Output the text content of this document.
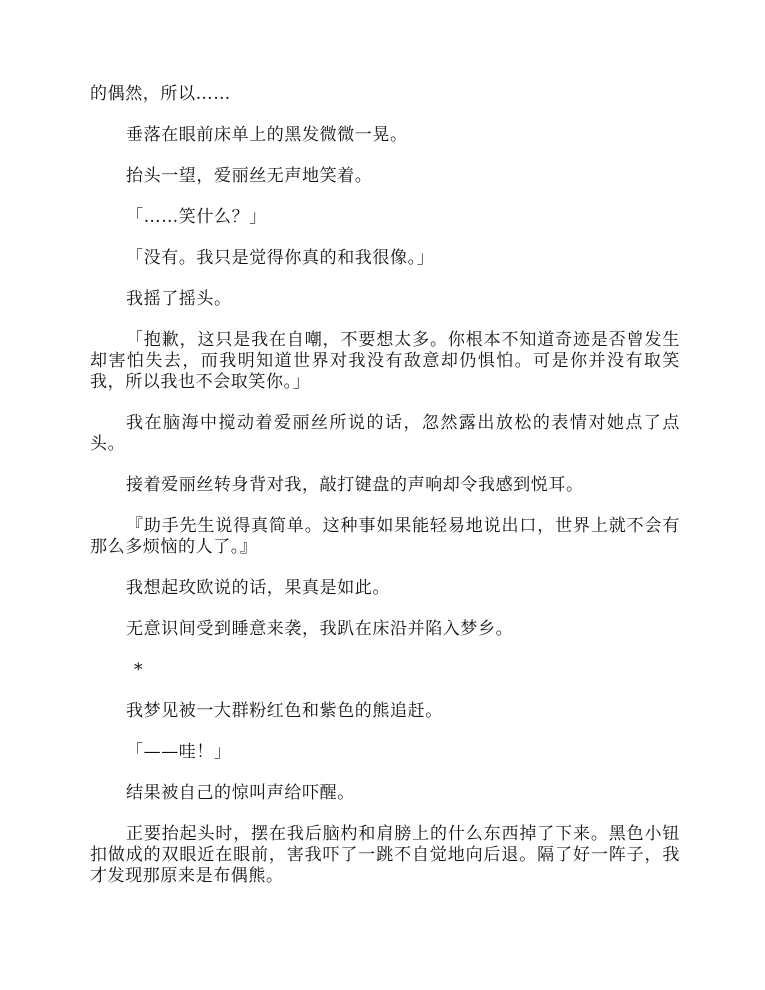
的偶然，所以……

垂落在眼前床单上的黑发微微一晃。

抬头一望，爱丽丝无声地笑着。

「……笑什么？」

「没有。我只是觉得你真的和我很像。」

我摇了摇头。

「抱歉，这只是我在自嘲，不要想太多。你根本不知道奇迹是否曾发生却害怕失去，而我明知道世界对我没有敌意却仍惧怕。可是你并没有取笑我，所以我也不会取笑你。」

我在脑海中搅动着爱丽丝所说的话，忽然露出放松的表情对她点了点头。

接着爱丽丝转身背对我，敲打键盘的声响却令我感到悦耳。

『助手先生说得真简单。这种事如果能轻易地说出口，世界上就不会有那么多烦恼的人了。』

我想起玫欧说的话，果真是如此。

无意识间受到睡意来袭，我趴在床沿并陷入梦乡。

*

我梦见被一大群粉红色和紫色的熊追赶。

「——哇！」

结果被自己的惊叫声给吓醒。

正要抬起头时，摆在我后脑杓和肩膀上的什么东西掉了下来。黑色小钮扣做成的双眼近在眼前，害我吓了一跳不自觉地向后退。隔了好一阵子，我才发现那原来是布偶熊。
